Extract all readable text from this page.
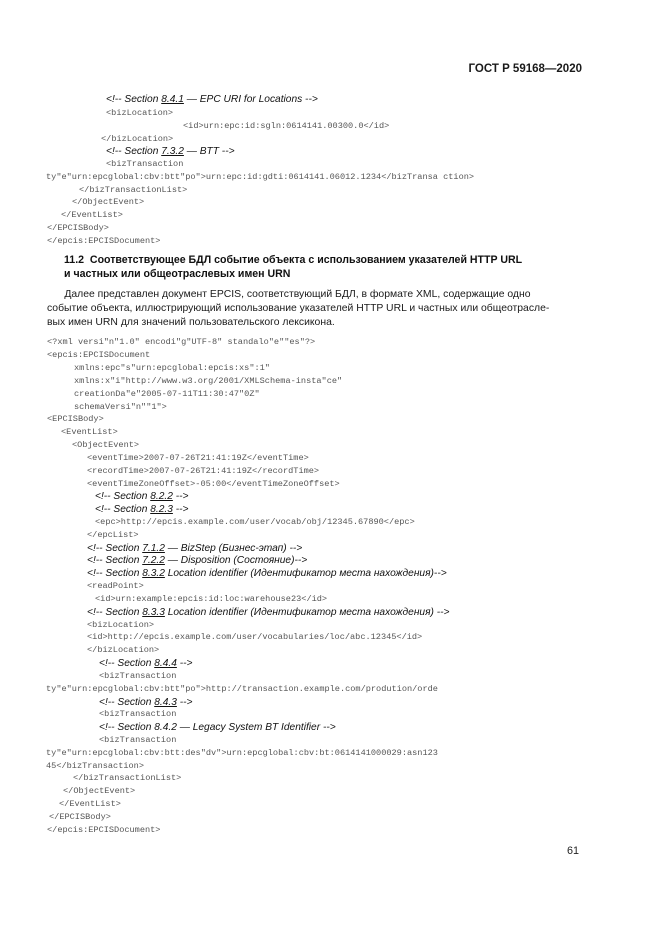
ГОСТ Р 59168—2020
<!-- Section 8.4.1 — EPC URI for Locations -->
<bizLocation>
<id>urn:epc:id:sgln:0614141.00300.0</id>
</bizLocation>
<!-- Section 7.3.2 — BTT -->
<bizTransaction
ty"e"urn:epcglobal:cbv:btt"po">urn:epc:id:gdti:0614141.06012.1234</bizTransa ction>
</bizTransactionList>
</ObjectEvent>
</EventList>
</EPCISBody>
</epcis:EPCISDocument>
11.2  Соответствующее БДЛ событие объекта с использованием указателей HTTP URL
и частных или общеотраслевых имен URN
Далее представлен документ EPCIS, соответствующий БДЛ, в формате XML, содержащие одно
событие объекта, иллюстрирующий использование указателей HTTP URL и частных или общеотрасле-
вых имен URN для значений пользовательского лексикона.
<?xml versi"n"1.0" encodi"g"UTF-8" standalo"e""es"?>
<epcis:EPCISDocument
xmlns:epc"s"urn:epcglobal:epcis:xs":1"
xmlns:x"i"http://www.w3.org/2001/XMLSchema-insta"ce"
creationDa"e"2005-07-11T11:30:47"0Z"
schemaVersi"n""1">
<EPCISBody>
<EventList>
<ObjectEvent>
<eventTime>2007-07-26T21:41:19Z</eventTime>
<recordTime>2007-07-26T21:41:19Z</recordTime>
<eventTimeZoneOffset>-05:00</eventTimeZoneOffset>
<!-- Section 8.2.2 -->
<!-- Section 8.2.3 -->
<epc>http://epcis.example.com/user/vocab/obj/12345.67890</epc>
</epcList>
<!-- Section 7.1.2 — BizStep (Бизнес-этап) -->
<!-- Section 7.2.2 — Disposition (Состояние)-->
<!-- Section 8.3.2 Location identifier (Идентификатор места нахождения)-->
<readPoint>
<id>urn:example:epcis:id:loc:warehouse23</id>
<!-- Section 8.3.3 Location identifier (Идентификатор места нахождения) -->
<bizLocation>
<id>http://epcis.example.com/user/vocabularies/loc/abc.12345</id>
</bizLocation>
<!-- Section 8.4.4 -->
<bizTransaction
ty"e"urn:epcglobal:cbv:btt"po">http://transaction.example.com/prodution/orde
<!-- Section 8.4.3 -->
<bizTransaction
<!-- Section 8.4.2 — Legacy System BT Identifier -->
<bizTransaction
ty"e"urn:epcglobal:cbv:btt:des"dv">urn:epcglobal:cbv:bt:0614141000029:asn123
45</bizTransaction>
</bizTransactionList>
</ObjectEvent>
</EventList>
</EPCISBody>
</epcis:EPCISDocument>
61
